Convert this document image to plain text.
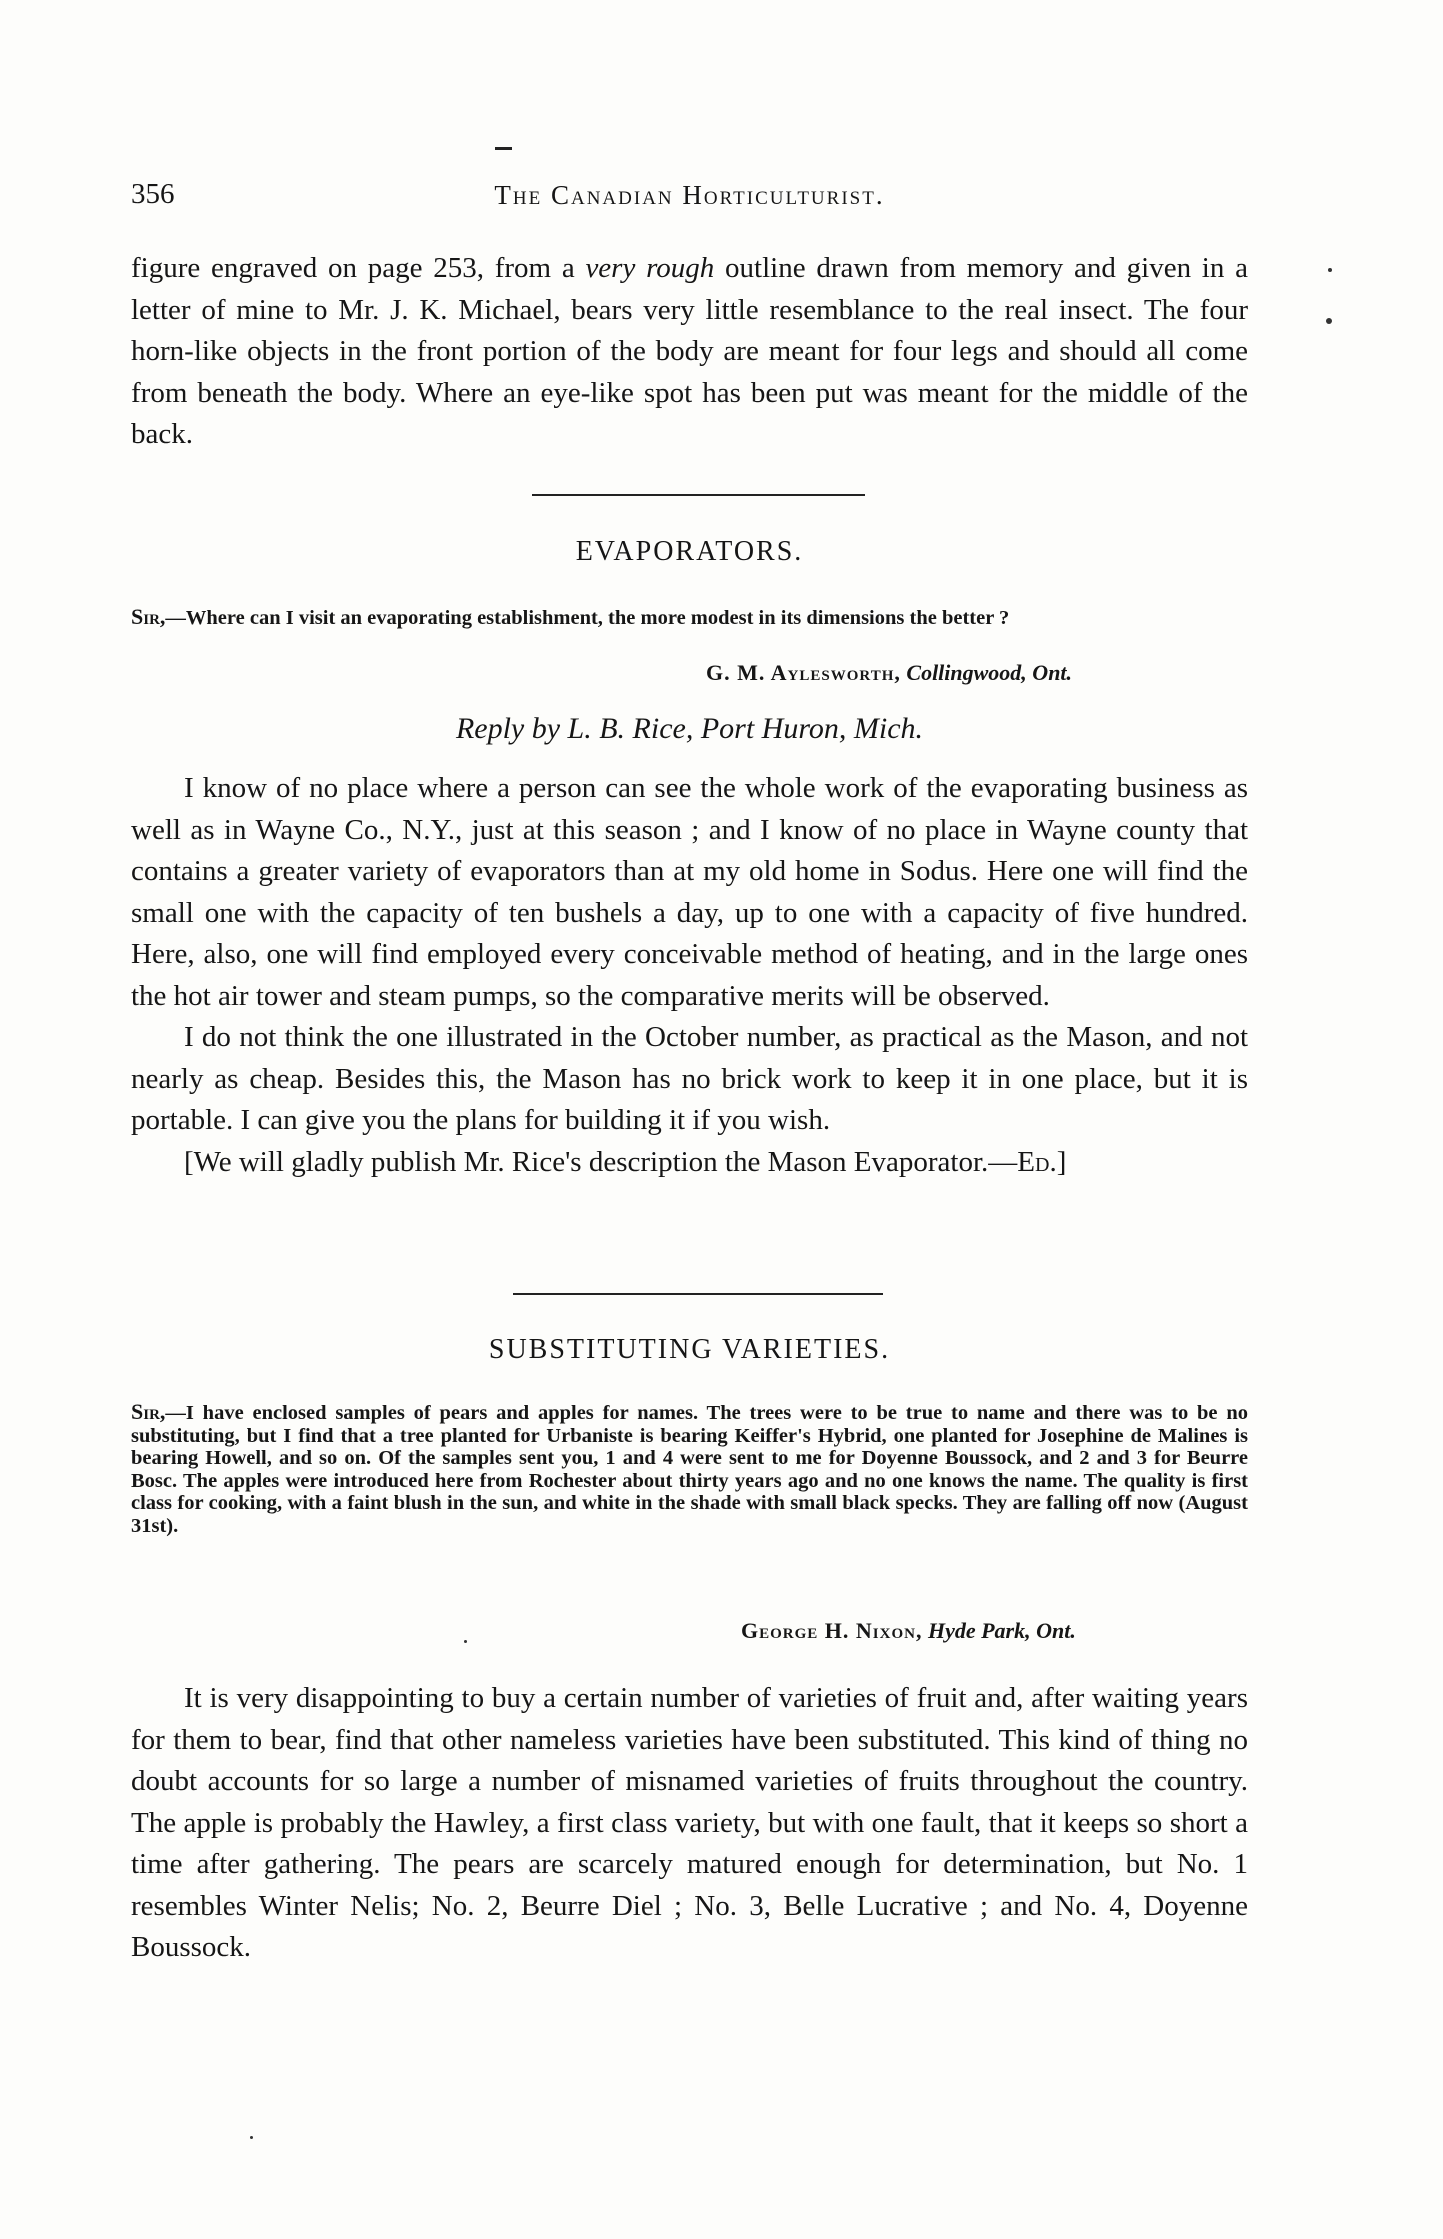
356	The Canadian Horticulturist.

figure engraved on page 253, from a very rough outline drawn from memory and given in a letter of mine to Mr. J. K. Michael, bears very little resemblance to the real insect. The four horn-like objects in the front portion of the body are meant for four legs and should all come from beneath the body. Where an eye-like spot has been put was meant for the middle of the back.

EVAPORATORS.

Sir,—Where can I visit an evaporating establishment, the more modest in its dimensions the better ?

G. M. Aylesworth, Collingwood, Ont.
Reply by L. B. Rice, Port Huron, Mich.

I know of no place where a person can see the whole work of the evaporating business as well as in Wayne Co., N.Y., just at this season ; and I know of no place in Wayne county that contains a greater variety of evaporators than at my old home in Sodus. Here one will find the small one with the capacity of ten bushels a day, up to one with a capacity of five hundred. Here, also, one will find employed every conceivable method of heating, and in the large ones the hot air tower and steam pumps, so the comparative merits will be observed.

I do not think the one illustrated in the October number, as practical as the Mason, and not nearly as cheap. Besides this, the Mason has no brick work to keep it in one place, but it is portable. I can give you the plans for building it if you wish.

[We will gladly publish Mr. Rice's description the Mason Evaporator.—Ed.]

SUBSTITUTING VARIETIES.

Sir,—I have enclosed samples of pears and apples for names. The trees were to be true to name and there was to be no substituting, but I find that a tree planted for Urbaniste is bearing Keiffer's Hybrid, one planted for Josephine de Malines is bearing Howell, and so on. Of the samples sent you, 1 and 4 were sent to me for Doyenne Boussock, and 2 and 3 for Beurre Bosc. The apples were introduced here from Rochester about thirty years ago and no one knows the name. The quality is first class for cooking, with a faint blush in the sun, and white in the shade with small black specks. They are falling off now (August 31st).

George H. Nixon, Hyde Park, Ont.

It is very disappointing to buy a certain number of varieties of fruit and, after waiting years for them to bear, find that other nameless varieties have been substituted. This kind of thing no doubt accounts for so large a number of misnamed varieties of fruits throughout the country. The apple is probably the Hawley, a first class variety, but with one fault, that it keeps so short a time after gathering. The pears are scarcely matured enough for determination, but No. 1 resembles Winter Nelis; No. 2, Beurre Diel ; No. 3, Belle Lucrative ; and No. 4, Doyenne Boussock.
